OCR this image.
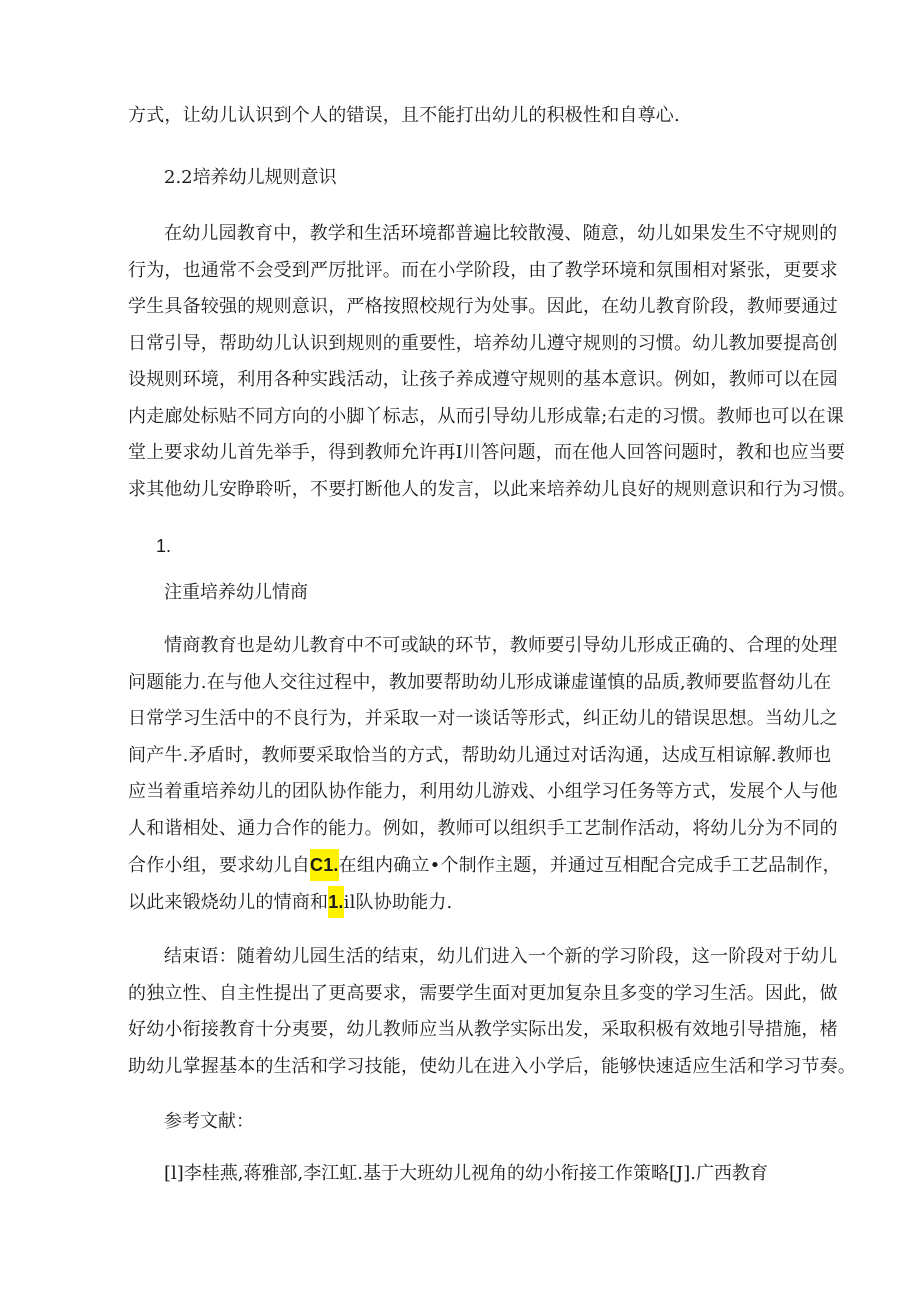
方式，让幼儿认识到个人的错误，且不能打出幼儿的积极性和自尊心.
2.2培养幼儿规则意识
在幼儿园教育中，教学和生活环境都普遍比较散漫、随意，幼儿如果发生不守规则的
行为，也通常不会受到严厉批评。而在小学阶段，由了教学环境和氛围相对紧张，更要求
学生具备较强的规则意识，严格按照校规行为处事。因此，在幼儿教育阶段，教师要通过
日常引导，帮助幼儿认识到规则的重要性，培养幼儿遵守规则的习惯。幼儿教加要提高创
设规则环境，利用各种实践活动，让孩子养成遵守规则的基本意识。例如，教师可以在园
内走廊处标贴不同方向的小脚丫标志，从而引导幼儿形成靠;右走的习惯。教师也可以在课
堂上要求幼儿首先举手，得到教师允许再I川答问题，而在他人回答问题时，教和也应当要
求其他幼儿安睁聆听，不要打断他人的发言，以此来培养幼儿良好的规则意识和行为习惯。
1.
注重培养幼儿情商
情商教育也是幼儿教育中不可或缺的环节，教师要引导幼儿形成正确的、合理的处理
问题能力.在与他人交往过程中，教加要帮助幼儿形成谦虚谨慎的品质,教师要监督幼儿在
日常学习生活中的不良行为，并采取一对一谈话等形式，纠正幼儿的错误思想。当幼儿之
间产牛.矛盾时，教师要采取恰当的方式，帮助幼儿通过对话沟通，达成互相谅解.教师也
应当着重培养幼儿的团队协作能力，利用幼儿游戏、小组学习任务等方式，发展个人与他
人和谐相处、通力合作的能力。例如，教师可以组织手工艺制作活动，将幼儿分为不同的
合作小组，要求幼儿自C1.在组内确立•个制作主题，并通过互相配合完成手工艺品制作，
以此来锻烧幼儿的情商和1.il队协助能力.
结束语：随着幼儿园生活的结束，幼儿们进入一个新的学习阶段，这一阶段对于幼儿
的独立性、自主性提出了更高要求，需要学生面对更加复杂且多变的学习生活。因此，做
好幼小衔接教育十分夷要，幼儿教师应当从教学实际出发，采取积极有效地引导措施，楮
助幼儿掌握基本的生活和学习技能，使幼儿在进入小学后，能够快速适应生活和学习节奏。
参考文献：
[l]李桂燕,蒋雅部,李江虹.基于大班幼儿视角的幼小衔接工作策略[J].广西教育
